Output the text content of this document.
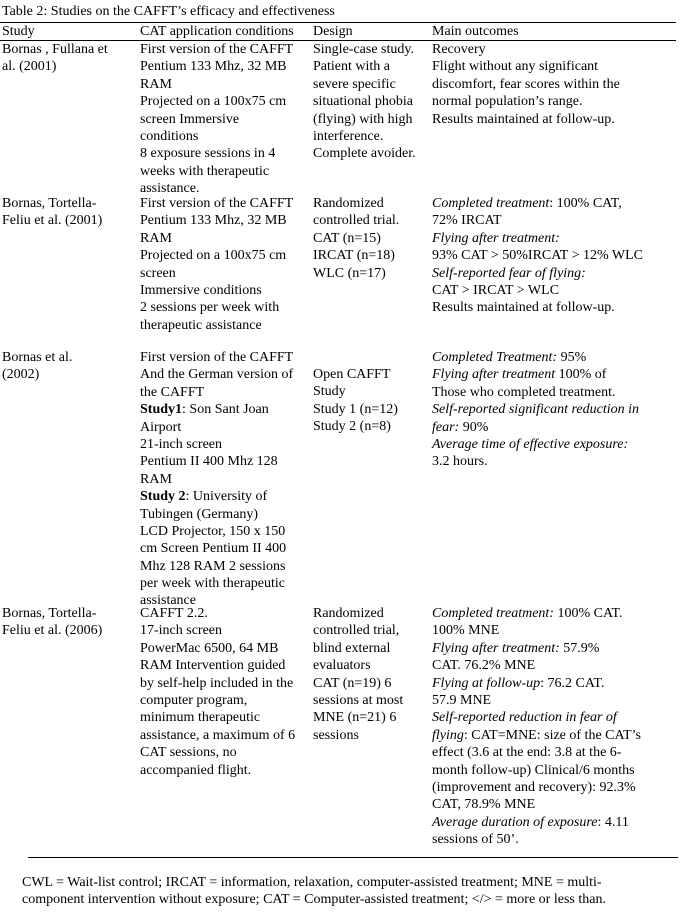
Table 2: Studies on the CAFFT’s efficacy and effectiveness
Study	CAT application conditions Design	Main outcomes
Bornas , Fullana et
al. (2001)
First version of the CAFFT
Pentium 133 Mhz, 32 MB
RAM
Projected on a 100x75 cm
screen Immersive
conditions
8 exposure sessions in 4
weeks with therapeutic
assistance.
Single-case study.
Patient with a
severe specific
situational phobia
(flying) with high
interference.
Complete avoider.
Recovery
Flight without any significant
discomfort, fear scores within the
normal population’s range.
Results maintained at follow-up.
Bornas, Tortella-
Feliu et al. (2001)
First version of the CAFFT
Pentium 133 Mhz, 32 MB
RAM
Projected on a 100x75 cm
screen
Immersive conditions
2 sessions per week with
therapeutic assistance
Randomized
controlled trial.
CAT (n=15)
IRCAT (n=18)
WLC (n=17)
Completed treatment: 100% CAT,
72% IRCAT
Flying after treatment:
93% CAT > 50%IRCAT > 12% WLC
Self-reported fear of flying:
CAT > IRCAT > WLC
Results maintained at follow-up.
Bornas et al.
(2002)
First version of the CAFFT
And the German version of
the CAFFT
Study1: Son Sant Joan
Airport
21-inch screen
Pentium II 400 Mhz 128
RAM
Study 2: University of
Tubingen (Germany)
LCD Projector, 150 x 150
cm Screen Pentium II 400
Mhz 128 RAM 2 sessions
per week with therapeutic
assistance
Open CAFFT
Study
Study 1 (n=12)
Study 2 (n=8)
Completed Treatment: 95%
Flying after treatment 100% of
Those who completed treatment.
Self-reported significant reduction in
fear: 90%
Average time of effective exposure:
3.2 hours.
Bornas, Tortella-
Feliu et al. (2006)
CAFFT 2.2.
17-inch screen
PowerMac 6500, 64 MB
RAM Intervention guided
by self-help included in the
computer program,
minimum therapeutic
assistance, a maximum of 6
CAT sessions, no
accompanied flight.
Randomized
controlled trial,
blind external
evaluators
CAT (n=19) 6
sessions at most
MNE (n=21) 6
sessions
Completed treatment: 100% CAT.
100% MNE
Flying after treatment: 57.9%
CAT. 76.2% MNE
Flying at follow-up: 76.2 CAT.
57.9 MNE
Self-reported reduction in fear of
flying: CAT=MNE: size of the CAT’s
effect (3.6 at the end: 3.8 at the 6-
month follow-up) Clinical/6 months
(improvement and recovery): 92.3%
CAT, 78.9% MNE
Average duration of exposure: 4.11
sessions of 50’.
CWL = Wait-list control; IRCAT = information, relaxation, computer-assisted treatment; MNE = multi-
component intervention without exposure; CAT = Computer-assisted treatment; </> = more or less than.
